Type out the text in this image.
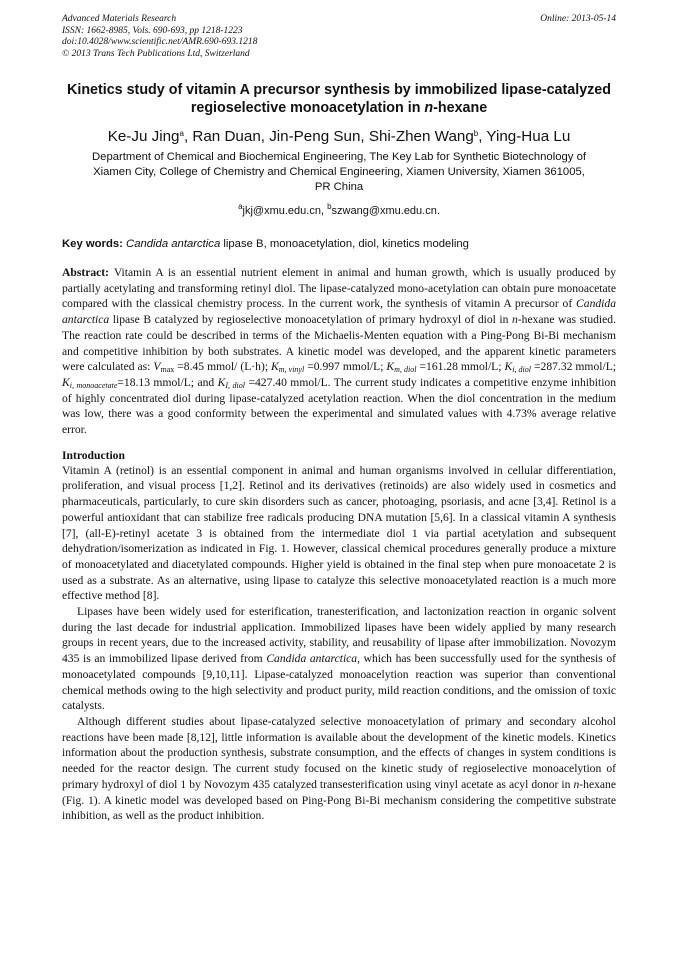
Advanced Materials Research
ISSN: 1662-8985, Vols. 690-693, pp 1218-1223
doi:10.4028/www.scientific.net/AMR.690-693.1218
© 2013 Trans Tech Publications Ltd, Switzerland
Online: 2013-05-14
Kinetics study of vitamin A precursor synthesis by immobilized lipase-catalyzed regioselective monoacetylation in n-hexane
Ke-Ju Jing$^a$, Ran Duan, Jin-Peng Sun, Shi-Zhen Wang$^b$, Ying-Hua Lu
Department of Chemical and Biochemical Engineering, The Key Lab for Synthetic Biotechnology of
Xiamen City, College of Chemistry and Chemical Engineering, Xiamen University, Xiamen 361005,
PR China
$^a$jkj@xmu.edu.cn, $^b$szwang@xmu.edu.cn.
Key words: Candida antarctica lipase B, monoacetylation, diol, kinetics modeling
Abstract: Vitamin A is an essential nutrient element in animal and human growth, which is usually produced by partially acetylating and transforming retinyl diol. The lipase-catalyzed mono-acetylation can obtain pure monoacetate compared with the classical chemistry process. In the current work, the synthesis of vitamin A precursor of Candida antarctica lipase B catalyzed by regioselective monoacetylation of primary hydroxyl of diol in n-hexane was studied. The reaction rate could be described in terms of the Michaelis-Menten equation with a Ping-Pong Bi-Bi mechanism and competitive inhibition by both substrates. A kinetic model was developed, and the apparent kinetic parameters were calculated as: $V_{max} =8.45$ mmol/ (L·h); $K_{m, vinyl} =0.997$ mmol/L; $K_{m, diol} =161.28$ mmol/L; $K_{i, diol} =287.32$ mmol/L; $K_{i, monoacetate}=18.13$ mmol/L; and $K_{I, diol} =427.40$ mmol/L. The current study indicates a competitive enzyme inhibition of highly concentrated diol during lipase-catalyzed acetylation reaction. When the diol concentration in the medium was low, there was a good conformity between the experimental and simulated values with 4.73% average relative error.
Introduction
Vitamin A (retinol) is an essential component in animal and human organisms involved in cellular differentiation, proliferation, and visual process [1,2]. Retinol and its derivatives (retinoids) are also widely used in cosmetics and pharmaceuticals, particularly, to cure skin disorders such as cancer, photoaging, psoriasis, and acne [3,4]. Retinol is a powerful antioxidant that can stabilize free radicals producing DNA mutation [5,6]. In a classical vitamin A synthesis [7], (all-E)-retinyl acetate 3 is obtained from the intermediate diol 1 via partial acetylation and subsequent dehydration/isomerization as indicated in Fig. 1. However, classical chemical procedures generally produce a mixture of monoacetylated and diacetylated compounds. Higher yield is obtained in the final step when pure monoacetate 2 is used as a substrate. As an alternative, using lipase to catalyze this selective monoacetylated reaction is a much more effective method [8].
Lipases have been widely used for esterification, tranesterification, and lactonization reaction in organic solvent during the last decade for industrial application. Immobilized lipases have been widely applied by many research groups in recent years, due to the increased activity, stability, and reusability of lipase after immobilization. Novozym 435 is an immobilized lipase derived from Candida antarctica, which has been successfully used for the synthesis of monoacetylated compounds [9,10,11]. Lipase-catalyzed monoacelytion reaction was superior than conventional chemical methods owing to the high selectivity and product purity, mild reaction conditions, and the omission of toxic catalysts.
Although different studies about lipase-catalyzed selective monoacetylation of primary and secondary alcohol reactions have been made [8,12], little information is available about the development of the kinetic models. Kinetics information about the production synthesis, substrate consumption, and the effects of changes in system conditions is needed for the reactor design. The current study focused on the kinetic study of regioselective monoacelytion of primary hydroxyl of diol 1 by Novozym 435 catalyzed transesterification using vinyl acetate as acyl donor in n-hexane (Fig. 1). A kinetic model was developed based on Ping-Pong Bi-Bi mechanism considering the competitive substrate inhibition, as well as the product inhibition.
